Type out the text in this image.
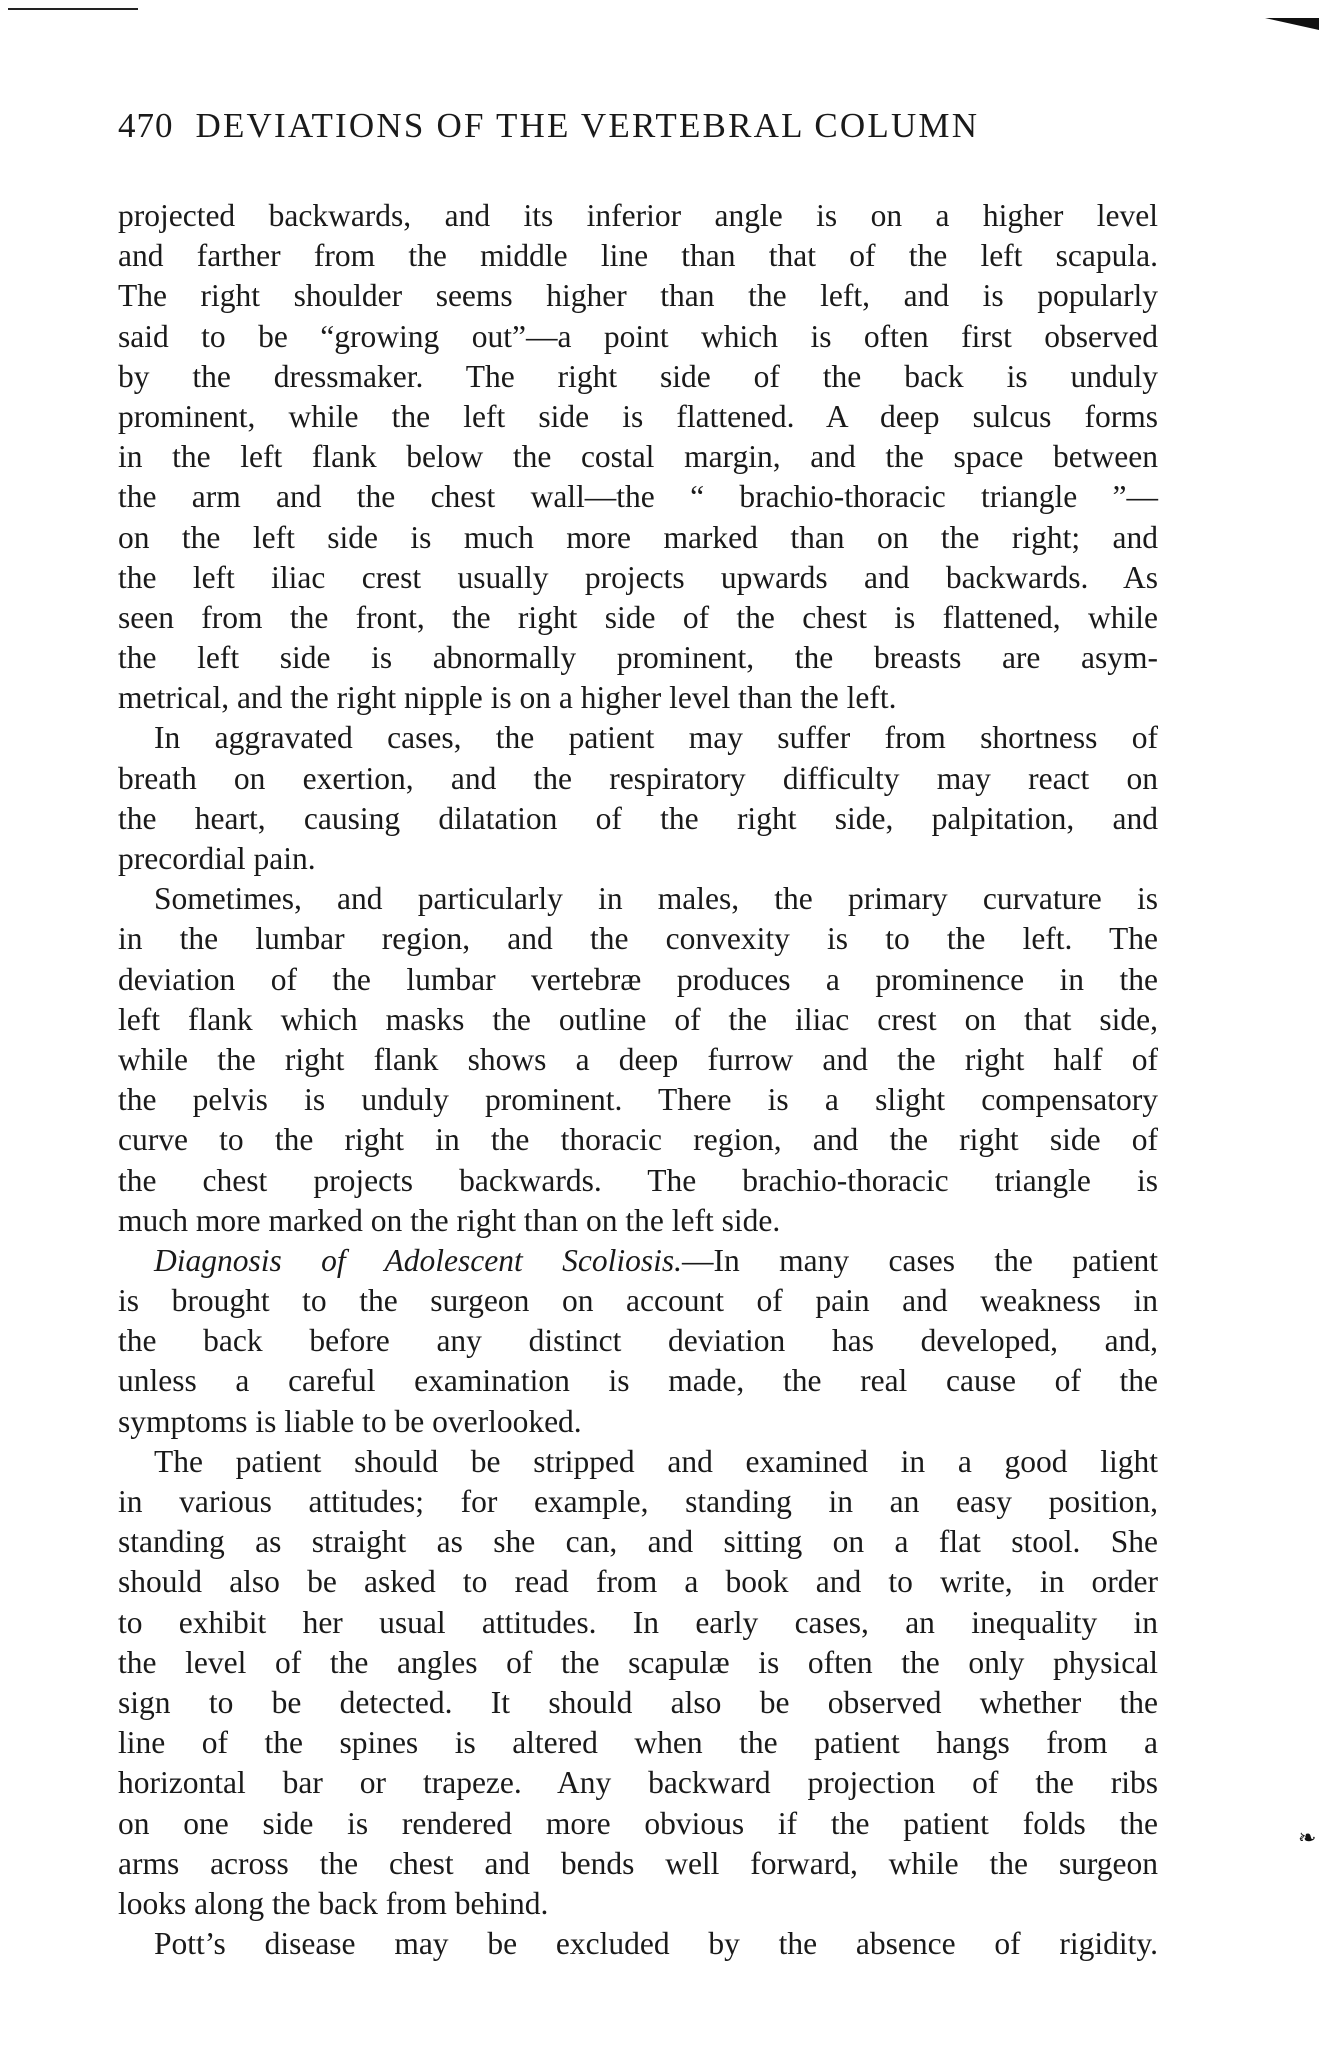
❧
470 DEVIATIONS OF THE VERTEBRAL COLUMN
projected backwards, and its inferior angle is on a higher level
and farther from the middle line than that of the left scapula.
The right shoulder seems higher than the left, and is popularly
said to be “growing out”—a point which is often first observed
by the dressmaker. The right side of the back is unduly
prominent, while the left side is flattened. A deep sulcus forms
in the left flank below the costal margin, and the space between
the arm and the chest wall—the “ brachio-thoracic triangle ”—
on the left side is much more marked than on the right; and
the left iliac crest usually projects upwards and backwards. As
seen from the front, the right side of the chest is flattened, while
the left side is abnormally prominent, the breasts are asym-
metrical, and the right nipple is on a higher level than the left.
In aggravated cases, the patient may suffer from shortness of
breath on exertion, and the respiratory difficulty may react on
the heart, causing dilatation of the right side, palpitation, and
precordial pain.
Sometimes, and particularly in males, the primary curvature is
in the lumbar region, and the convexity is to the left. The
deviation of the lumbar vertebræ produces a prominence in the
left flank which masks the outline of the iliac crest on that side,
while the right flank shows a deep furrow and the right half of
the pelvis is unduly prominent. There is a slight compensatory
curve to the right in the thoracic region, and the right side of
the chest projects backwards. The brachio-thoracic triangle is
much more marked on the right than on the left side.
Diagnosis of Adolescent Scoliosis.—In many cases the patient
is brought to the surgeon on account of pain and weakness in
the back before any distinct deviation has developed, and,
unless a careful examination is made, the real cause of the
symptoms is liable to be overlooked.
The patient should be stripped and examined in a good light
in various attitudes; for example, standing in an easy position,
standing as straight as she can, and sitting on a flat stool. She
should also be asked to read from a book and to write, in order
to exhibit her usual attitudes. In early cases, an inequality in
the level of the angles of the scapulæ is often the only physical
sign to be detected. It should also be observed whether the
line of the spines is altered when the patient hangs from a
horizontal bar or trapeze. Any backward projection of the ribs
on one side is rendered more obvious if the patient folds the
arms across the chest and bends well forward, while the surgeon
looks along the back from behind.
Pott’s disease may be excluded by the absence of rigidity.
